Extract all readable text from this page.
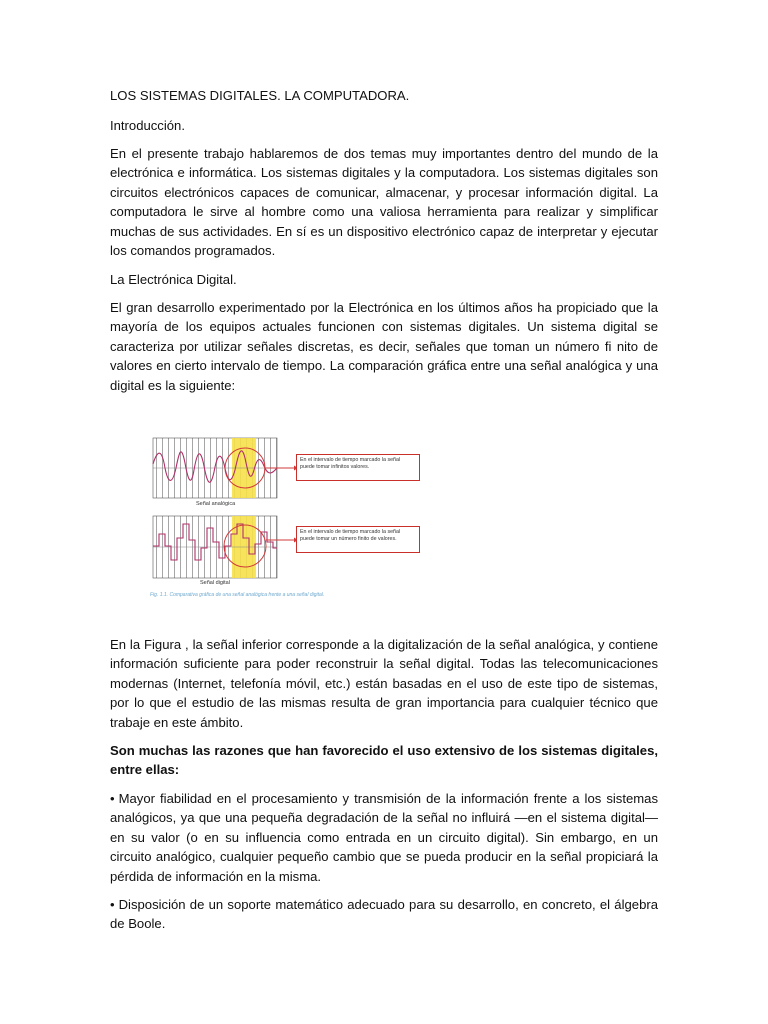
LOS SISTEMAS DIGITALES. LA COMPUTADORA.

Introducción.

En el presente trabajo hablaremos de dos temas muy importantes dentro del mundo de la electrónica e informática. Los sistemas digitales y la computadora. Los sistemas digitales son circuitos electrónicos capaces de comunicar, almacenar, y procesar información digital. La computadora le sirve al hombre como una valiosa herramienta para realizar y simplificar muchas de sus actividades. En sí es un dispositivo electrónico capaz de interpretar y ejecutar los comandos programados.

La Electrónica Digital.

El gran desarrollo experimentado por la Electrónica en los últimos años ha propiciado que la mayoría de los equipos actuales funcionen con sistemas digitales. Un sistema digital se caracteriza por utilizar señales discretas, es decir, señales que toman un número fi nito de valores en cierto intervalo de tiempo. La comparación gráfica entre una señal analógica y una digital es la siguiente:

Señal analógica
Señal digital
En el intervalo de tiempo marcado la señal puede tomar infinitos valores.
En el intervalo de tiempo marcado la señal puede tomar un número finito de valores.
Fig. 1.1. Comparativa gráfica de una señal analógica frente a una señal digital.

En la Figura , la señal inferior corresponde a la digitalización de la señal analógica, y contiene información suficiente para poder reconstruir la señal digital. Todas las telecomunicaciones modernas (Internet, telefonía móvil, etc.) están basadas en el uso de este tipo de sistemas, por lo que el estudio de las mismas resulta de gran importancia para cualquier técnico que trabaje en este ámbito.

Son muchas las razones que han favorecido el uso extensivo de los sistemas digitales, entre ellas:

• Mayor fiabilidad en el procesamiento y transmisión de la información frente a los sistemas analógicos, ya que una pequeña degradación de la señal no influirá —en el sistema digital— en su valor (o en su influencia como entrada en un circuito digital). Sin embargo, en un circuito analógico, cualquier pequeño cambio que se pueda producir en la señal propiciará la pérdida de información en la misma.

• Disposición de un soporte matemático adecuado para su desarrollo, en concreto, el álgebra de Boole.
